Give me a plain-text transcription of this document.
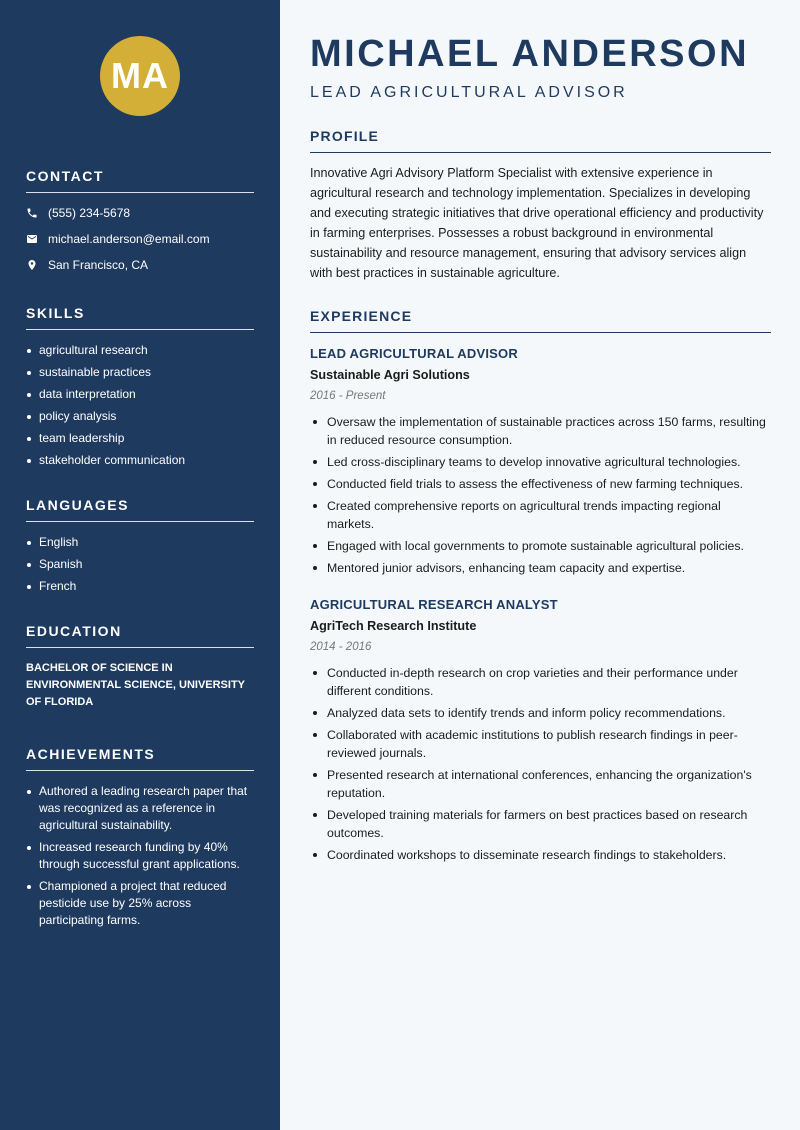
MA
CONTACT
(555) 234-5678
michael.anderson@email.com
San Francisco, CA
SKILLS
agricultural research
sustainable practices
data interpretation
policy analysis
team leadership
stakeholder communication
LANGUAGES
English
Spanish
French
EDUCATION
BACHELOR OF SCIENCE IN ENVIRONMENTAL SCIENCE, UNIVERSITY OF FLORIDA
ACHIEVEMENTS
Authored a leading research paper that was recognized as a reference in agricultural sustainability.
Increased research funding by 40% through successful grant applications.
Championed a project that reduced pesticide use by 25% across participating farms.
MICHAEL ANDERSON
LEAD AGRICULTURAL ADVISOR
PROFILE

Innovative Agri Advisory Platform Specialist with extensive experience in agricultural research and technology implementation. Specializes in developing and executing strategic initiatives that drive operational efficiency and productivity in farming enterprises. Possesses a robust background in environmental sustainability and resource management, ensuring that advisory services align with best practices in sustainable agriculture.

EXPERIENCE
LEAD AGRICULTURAL ADVISOR
Sustainable Agri Solutions
2016 - Present
Oversaw the implementation of sustainable practices across 150 farms, resulting in reduced resource consumption.
Led cross-disciplinary teams to develop innovative agricultural technologies.
Conducted field trials to assess the effectiveness of new farming techniques.
Created comprehensive reports on agricultural trends impacting regional markets.
Engaged with local governments to promote sustainable agricultural policies.
Mentored junior advisors, enhancing team capacity and expertise.
AGRICULTURAL RESEARCH ANALYST
AgriTech Research Institute
2014 - 2016
Conducted in-depth research on crop varieties and their performance under different conditions.
Analyzed data sets to identify trends and inform policy recommendations.
Collaborated with academic institutions to publish research findings in peer-reviewed journals.
Presented research at international conferences, enhancing the organization's reputation.
Developed training materials for farmers on best practices based on research outcomes.
Coordinated workshops to disseminate research findings to stakeholders.
